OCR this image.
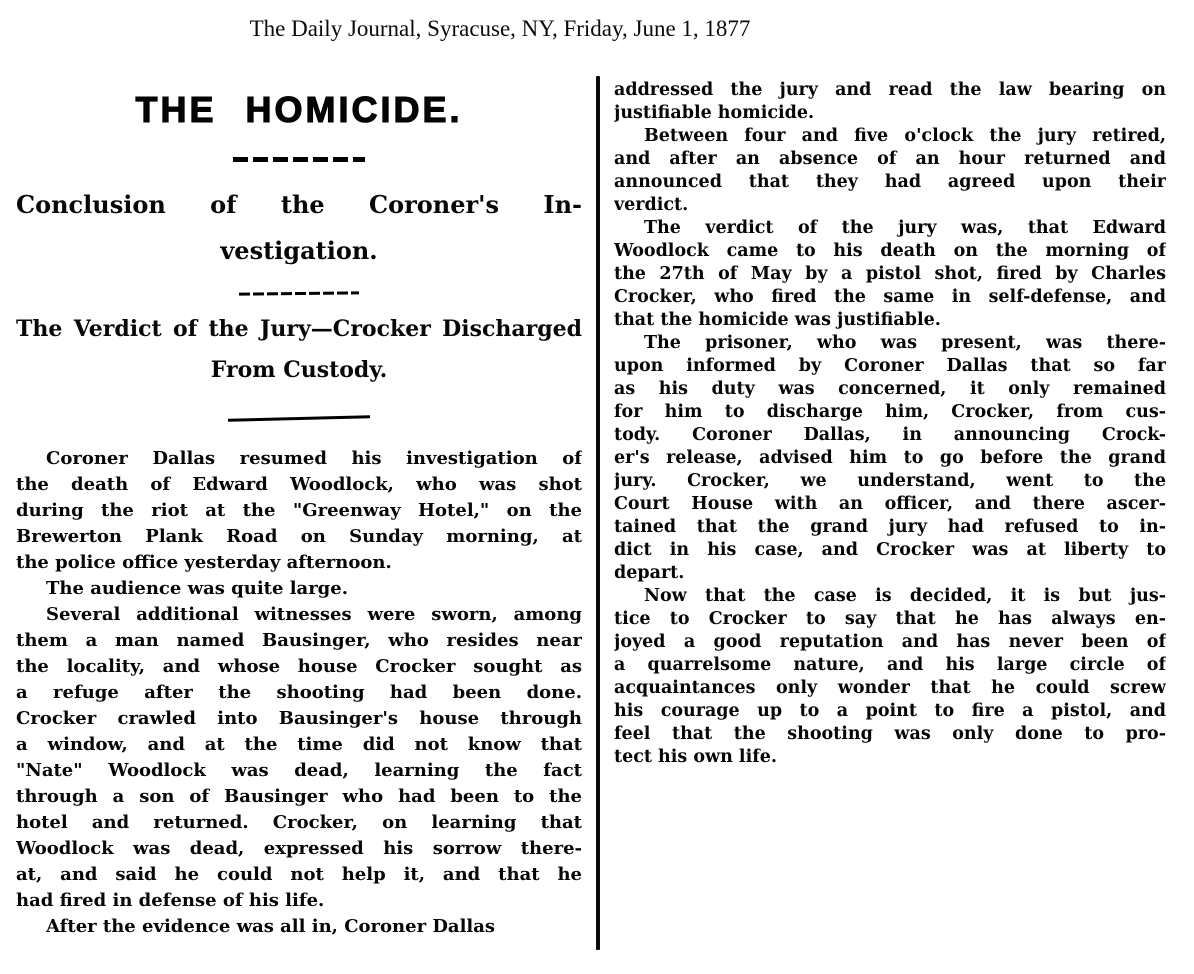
The Daily Journal, Syracuse, NY, Friday, June 1, 1877
THE HOMICIDE.
Conclusion of the Coroner's In-
vestigation.
The Verdict of the Jury—Crocker Discharged
From Custody.
Coroner Dallas resumed his investigation of
the death of Edward Woodlock, who was shot
during the riot at the "Greenway Hotel," on the
Brewerton Plank Road on Sunday morning, at
the police office yesterday afternoon.
The audience was quite large.
Several additional witnesses were sworn, among
them a man named Bausinger, who resides near
the locality, and whose house Crocker sought as
a refuge after the shooting had been done.
Crocker crawled into Bausinger's house through
a window, and at the time did not know that
"Nate" Woodlock was dead, learning the fact
through a son of Bausinger who had been to the
hotel and returned. Crocker, on learning that
Woodlock was dead, expressed his sorrow there-
at, and said he could not help it, and that he
had fired in defense of his life.
After the evidence was all in, Coroner Dallas
addressed the jury and read the law bearing on
justifiable homicide.
Between four and five o'clock the jury retired,
and after an absence of an hour returned and
announced that they had agreed upon their
verdict.
The verdict of the jury was, that Edward
Woodlock came to his death on the morning of
the 27th of May by a pistol shot, fired by Charles
Crocker, who fired the same in self-defense, and
that the homicide was justifiable.
The prisoner, who was present, was there-
upon informed by Coroner Dallas that so far
as his duty was concerned, it only remained
for him to discharge him, Crocker, from cus-
tody. Coroner Dallas, in announcing Crock-
er's release, advised him to go before the grand
jury. Crocker, we understand, went to the
Court House with an officer, and there ascer-
tained that the grand jury had refused to in-
dict in his case, and Crocker was at liberty to
depart.
Now that the case is decided, it is but jus-
tice to Crocker to say that he has always en-
joyed a good reputation and has never been of
a quarrelsome nature, and his large circle of
acquaintances only wonder that he could screw
his courage up to a point to fire a pistol, and
feel that the shooting was only done to pro-
tect his own life.
